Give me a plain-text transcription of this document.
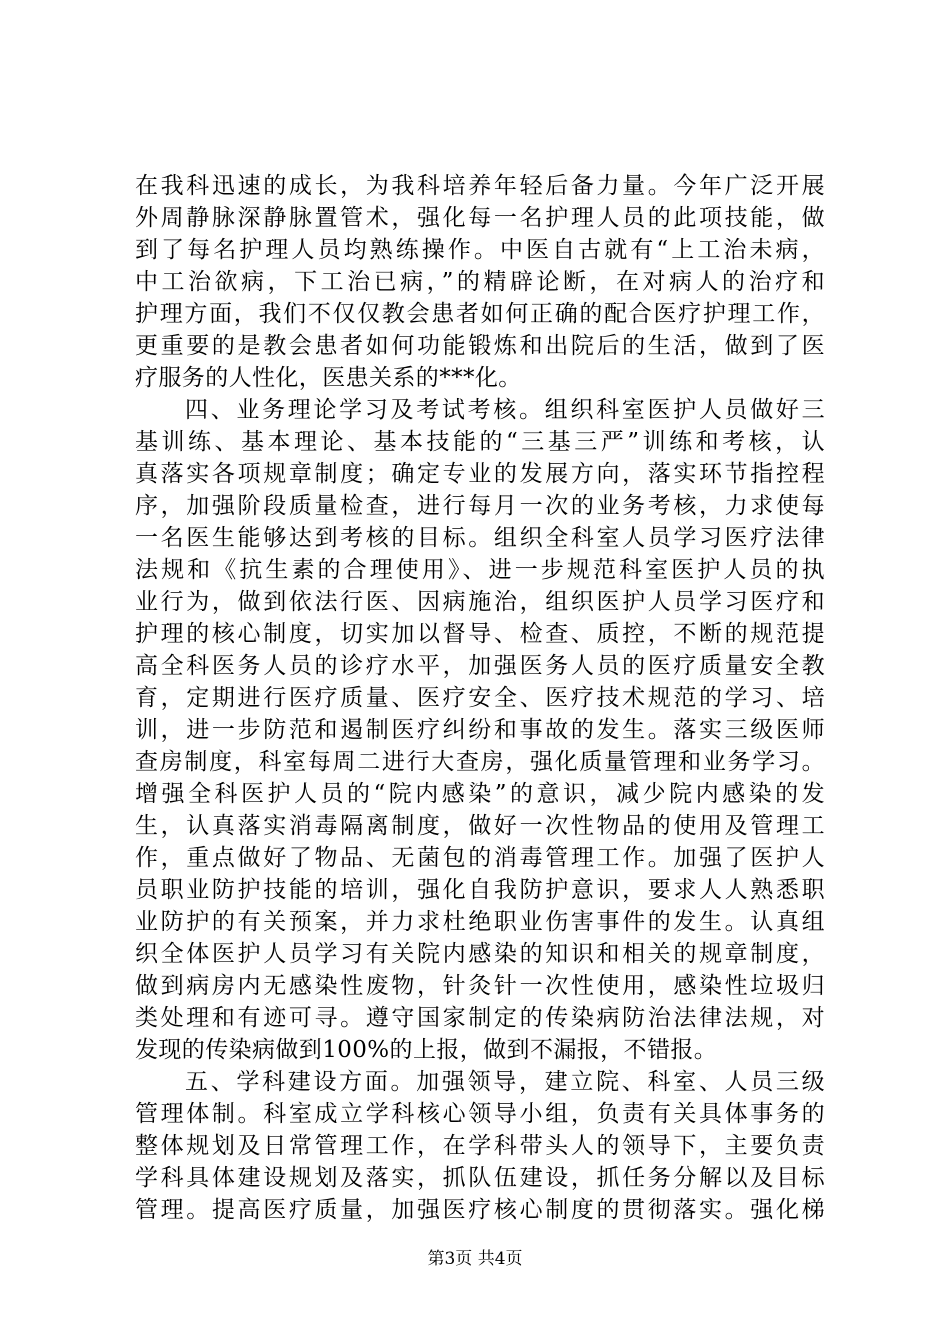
在我科迅速的成长，为我科培养年轻后备力量。今年广泛开展
外周静脉深静脉置管术，强化每一名护理人员的此项技能，做
到了每名护理人员均熟练操作。中医自古就有“上工治未病，
中工治欲病，下工治已病，”的精辟论断，在对病人的治疗和
护理方面，我们不仅仅教会患者如何正确的配合医疗护理工作，
更重要的是教会患者如何功能锻炼和出院后的生活，做到了医
疗服务的人性化，医患关系的***化。
四、业务理论学习及考试考核。组织科室医护人员做好三
基训练、基本理论、基本技能的“三基三严”训练和考核，认
真落实各项规章制度；确定专业的发展方向，落实环节指控程
序，加强阶段质量检查，进行每月一次的业务考核，力求使每
一名医生能够达到考核的目标。组织全科室人员学习医疗法律
法规和《抗生素的合理使用》、进一步规范科室医护人员的执
业行为，做到依法行医、因病施治，组织医护人员学习医疗和
护理的核心制度，切实加以督导、检查、质控，不断的规范提
高全科医务人员的诊疗水平，加强医务人员的医疗质量安全教
育，定期进行医疗质量、医疗安全、医疗技术规范的学习、培
训，进一步防范和遏制医疗纠纷和事故的发生。落实三级医师
查房制度，科室每周二进行大查房，强化质量管理和业务学习。
增强全科医护人员的“院内感染”的意识，减少院内感染的发
生，认真落实消毒隔离制度，做好一次性物品的使用及管理工
作，重点做好了物品、无菌包的消毒管理工作。加强了医护人
员职业防护技能的培训，强化自我防护意识，要求人人熟悉职
业防护的有关预案，并力求杜绝职业伤害事件的发生。认真组
织全体医护人员学习有关院内感染的知识和相关的规章制度，
做到病房内无感染性废物，针灸针一次性使用，感染性垃圾归
类处理和有迹可寻。遵守国家制定的传染病防治法律法规，对
发现的传染病做到100%的上报，做到不漏报，不错报。
五、学科建设方面。加强领导，建立院、科室、人员三级
管理体制。科室成立学科核心领导小组，负责有关具体事务的
整体规划及日常管理工作，在学科带头人的领导下，主要负责
学科具体建设规划及落实，抓队伍建设，抓任务分解以及目标
管理。提高医疗质量，加强医疗核心制度的贯彻落实。强化梯
第3页 共4页
